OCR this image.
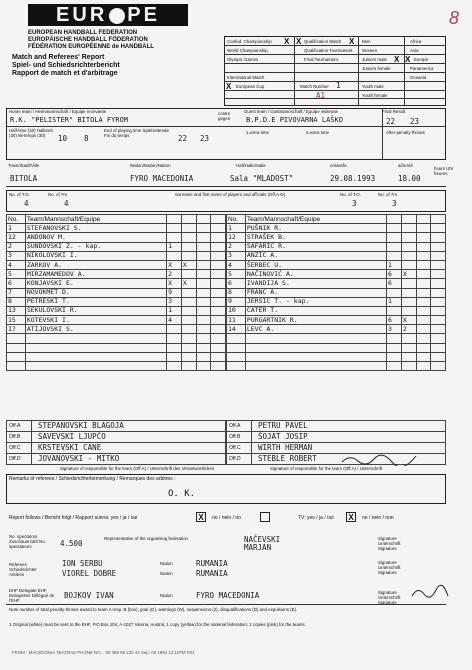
EUR PE
EUROPEAN HANDBALL FEDERATION
EUROPÄISCHE HANDBALL FÖDERATION
FÉDÉRATION EUROPÉENNE de HANDBALL
Match and Referees' Report
Spiel- und Schiedsrichterbericht
Rapport de match et d'arbitrage
8
Confed. Championship X
World Championship
Olympic Games
International Match
X European Cup
X Qualification Match
Qualification Tournament
Final Tournament
Match Number 1
A1
X Men
Women
Juniors male X
Juniors female
Youth male
Youth female
Africa
Asia
X Europe
Panamerica
Oceania
Home team / Heimmannschaft / Equipe recevante
R.K. "PELISTER" BITOLA FYROM
contre gegen
Guest team / Gastmannschaft / Equipe visiteuse
B.P.D.E PIVOVARNA LAŠKO
Final Result
22 23
Half-time (30) Halbzeit (30) Mi-temps (30)	10 8
End of playing time Spielzeitende Fin du temps	22 23
1.extra time	2.extra time	After penalty throws
Town/Stadt/Ville	Nation/Nation/Nation	Hall/Halle/Salle	on/am/le	at/um/à
hours Uhr heures
BITOLA	FYRO MACEDONIA	Sala "MLADOST"	29.08.1993	18.00
No. of T.O.
4
No. of 7m
4
Surname and first name of players and officials (Off.A-D)	No. of T.O.
3
No. of 7m
3
No.	Team/Mannschaft/Equipe				
1	STEFANOVSKI S.				
12	ANDONOV M.				
2	SUNDOVSKI Z. - kap.	1			
3	NIKOLOVSKI I.				
4	ZARKOV A.	X	X		
5	MIRZAMAMEDOV A.	2			
6	KONJAVSKI E.	X	X		
7	NOVOKMET D.	9			
8	PETRESKI T.	3			
13	SEKULOVSKI R.	1			
15	KOTEVSKI I.	4			
17	ATIJOVSKI S.				

No.	Team/Mannschaft/Equipe				
1	PUŠNIK R.				
12	STRAŠEK B.				
2	ŠAFARIČ R.				
3	ANŽIČ A.				
4	ŠERBEC U.	1			
5	NAČINOVIĆ A.	6	X		
6	IVANDIJA S.	6			
8	FRANC A.				
9	JERŠIČ T. - kap.	1			
10	ČATER T.				
11	PURGARTNIK R.	6	X		
14	LEVC A.	3	2		

Off.A	STEPANOVSKI BLAGOJA
Off.B	SAVEVSKI LJUPČO
Off.C	KRSTEVSKI CANE
Off.D	JOVANOVSKI - MITKO
Off.A	PETRU PAVEL
Off.B	ŠOJAT JOSIP
Off.C	WIRTH HERMAN
Off.D	STEBLE ROBERT
Signature of responsible for the team (Off.A) / Unterschrift des Verantwortlichen	Signature of responsible for the team (Off.A) / Unterschrift
Remarks of referees / Schiedsrichterbemerkung / Remarques des arbitres :
O. K.
Report follows / Bericht folgt / Rapport suivra: yes / ja / oui	X	no / nein / no	TV: yes / ja / oui X	no / nein / non
No. spectators Zuschauerzahl No. spectateurs	4.500
Representative of the organising federation	NAČEVSKI MARJAN
Signature Unterschrift Signature
Referees Schiedsrichter Arbitres
ION SERBU	Nation	RUMANIA
VIOREL DOBRE	Nation	RUMANIA
Signature Unterschrift Signature
EHF Delegate EHF Delegierter Délégué de l'EHF
BOJKOV IVAN	Nation	FYRO MACEDONIA	Signature Unterschrift Signature
Note number of total penalty-throws award to team A resp. B (box), goal (G), warnings (W), suspensions (2), disqualifications (D) and expulsions (E).
1 Original (white) must be sent to the EHF, P.O.Box 104, A-1027 Vienna, Austria; 1 copy (yellow) for the national federation; 2 copies (pink) for the teams.
FROM : MACEDONIA TEATRAE PHONE NO. : 00 389 96 233 44 Sep. 08 1993 12:11PM P01
